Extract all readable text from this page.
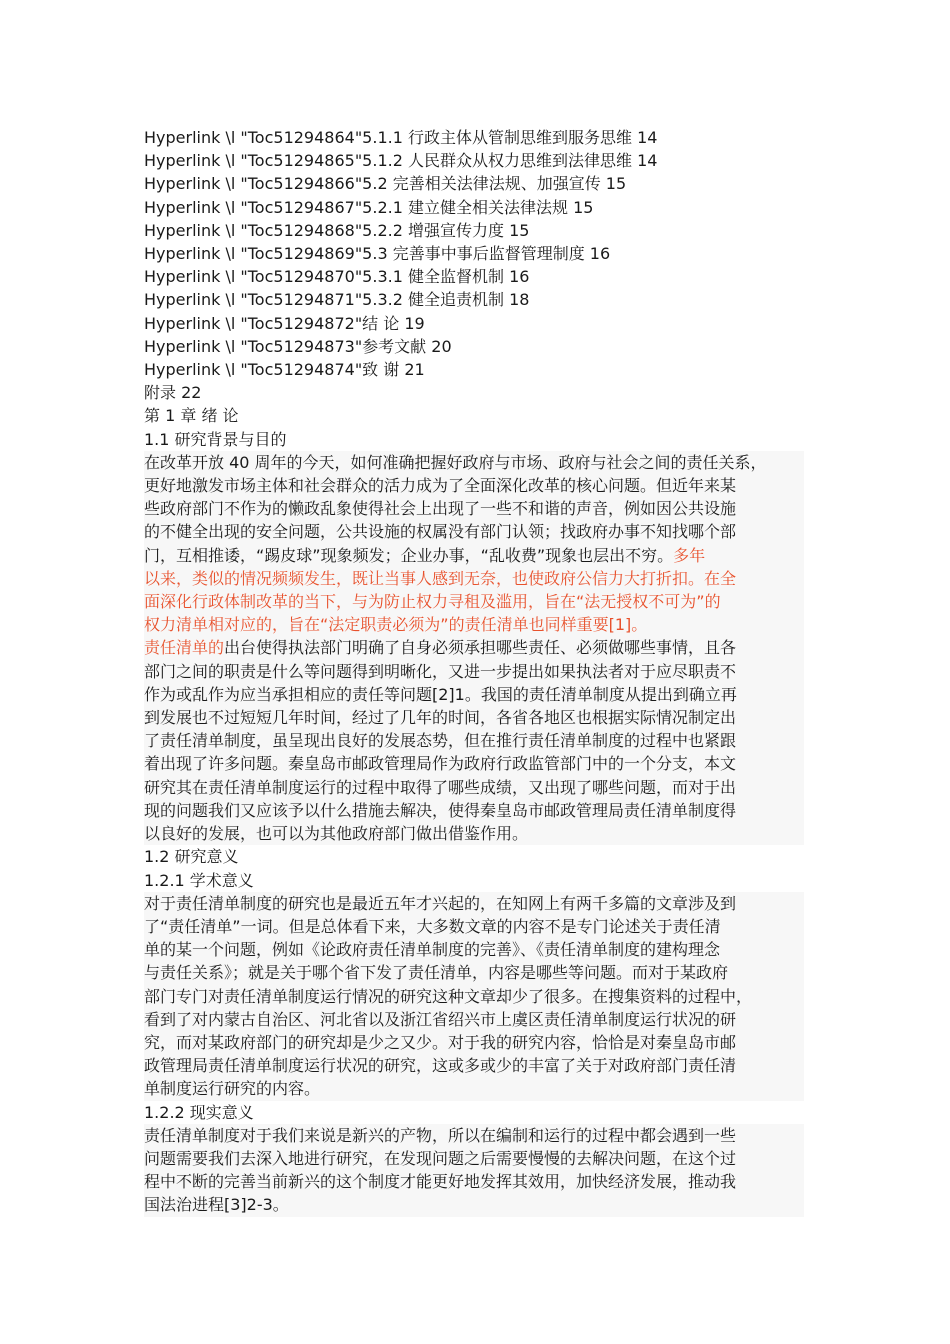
Hyperlink \l "Toc51294864"5.1.1 行政主体从管制思维到服务思维 14
Hyperlink \l "Toc51294865"5.1.2 人民群众从权力思维到法律思维 14
Hyperlink \l "Toc51294866"5.2 完善相关法律法规、加强宣传 15
Hyperlink \l "Toc51294867"5.2.1 建立健全相关法律法规 15
Hyperlink \l "Toc51294868"5.2.2 增强宣传力度 15
Hyperlink \l "Toc51294869"5.3 完善事中事后监督管理制度 16
Hyperlink \l "Toc51294870"5.3.1 健全监督机制 16
Hyperlink \l "Toc51294871"5.3.2 健全追责机制 18
Hyperlink \l "Toc51294872"结 论 19
Hyperlink \l "Toc51294873"参考文献 20
Hyperlink \l "Toc51294874"致 谢 21
附录 22
第 1 章 绪 论
1.1 研究背景与目的
在改革开放 40 周年的今天，如何准确把握好政府与市场、政府与社会之间的责任关系，
更好地激发市场主体和社会群众的活力成为了全面深化改革的核心问题。但近年来某
些政府部门不作为的懒政乱象使得社会上出现了一些不和谐的声音，例如因公共设施
的不健全出现的安全问题，公共设施的权属没有部门认领；找政府办事不知找哪个部
门，互相推诿，“踢皮球”现象频发；企业办事，“乱收费”现象也层出不穷。多年
以来，类似的情况频频发生，既让当事人感到无奈，也使政府公信力大打折扣。在全
面深化行政体制改革的当下，与为防止权力寻租及滥用，旨在“法无授权不可为”的
权力清单相对应的，旨在“法定职责必须为”的责任清单也同样重要[1]。
责任清单的出台使得执法部门明确了自身必须承担哪些责任、必须做哪些事情，且各
部门之间的职责是什么等问题得到明晰化，又进一步提出如果执法者对于应尽职责不
作为或乱作为应当承担相应的责任等问题[2]1。我国的责任清单制度从提出到确立再
到发展也不过短短几年时间，经过了几年的时间，各省各地区也根据实际情况制定出
了责任清单制度，虽呈现出良好的发展态势，但在推行责任清单制度的过程中也紧跟
着出现了许多问题。秦皇岛市邮政管理局作为政府行政监管部门中的一个分支，本文
研究其在责任清单制度运行的过程中取得了哪些成绩，又出现了哪些问题，而对于出
现的问题我们又应该予以什么措施去解决，使得秦皇岛市邮政管理局责任清单制度得
以良好的发展，也可以为其他政府部门做出借鉴作用。
1.2 研究意义
1.2.1 学术意义
对于责任清单制度的研究也是最近五年才兴起的，在知网上有两千多篇的文章涉及到
了“责任清单”一词。但是总体看下来，大多数文章的内容不是专门论述关于责任清
单的某一个问题，例如《论政府责任清单制度的完善》、《责任清单制度的建构理念
与责任关系》；就是关于哪个省下发了责任清单，内容是哪些等问题。而对于某政府
部门专门对责任清单制度运行情况的研究这种文章却少了很多。在搜集资料的过程中，
看到了对内蒙古自治区、河北省以及浙江省绍兴市上虞区责任清单制度运行状况的研
究，而对某政府部门的研究却是少之又少。对于我的研究内容，恰恰是对秦皇岛市邮
政管理局责任清单制度运行状况的研究，这或多或少的丰富了关于对政府部门责任清
单制度运行研究的内容。
1.2.2 现实意义
责任清单制度对于我们来说是新兴的产物，所以在编制和运行的过程中都会遇到一些
问题需要我们去深入地进行研究，在发现问题之后需要慢慢的去解决问题，在这个过
程中不断的完善当前新兴的这个制度才能更好地发挥其效用，加快经济发展，推动我
国法治进程[3]2-3。
